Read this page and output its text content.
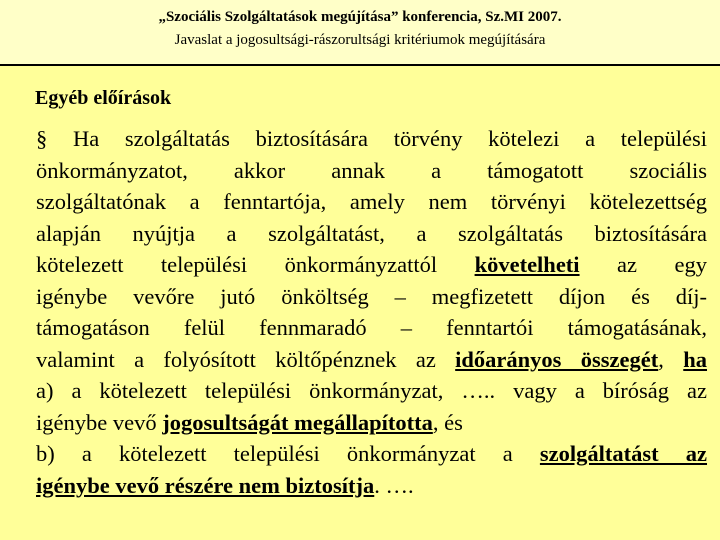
„Szociális Szolgáltatások megújítása” konferencia, Sz.MI 2007.
Javaslat a jogosultsági-rászorultsági kritériumok megújítására
Egyéb előírások
§ Ha szolgáltatás biztosítására törvény kötelezi a települési
önkormányzatot, akkor annak a támogatott szociális
szolgáltatónak a fenntartója, amely nem törvényi kötelezettség
alapján nyújtja a szolgáltatást, a szolgáltatás biztosítására
kötelezett települési önkormányzattól követelheti az egy
igénybe vevőre jutó önköltség – megfizetett díjon és díj-
támogatáson felül fennmaradó – fenntartói támogatásának,
valamint a folyósított költőpénznek az időarányos összegét, ha
a) a kötelezett települési önkormányzat, ….. vagy a bíróság az
igénybe vevő jogosultságát megállapította, és
b) a kötelezett települési önkormányzat a szolgáltatást az
igénybe vevő részére nem biztosítja. ….
